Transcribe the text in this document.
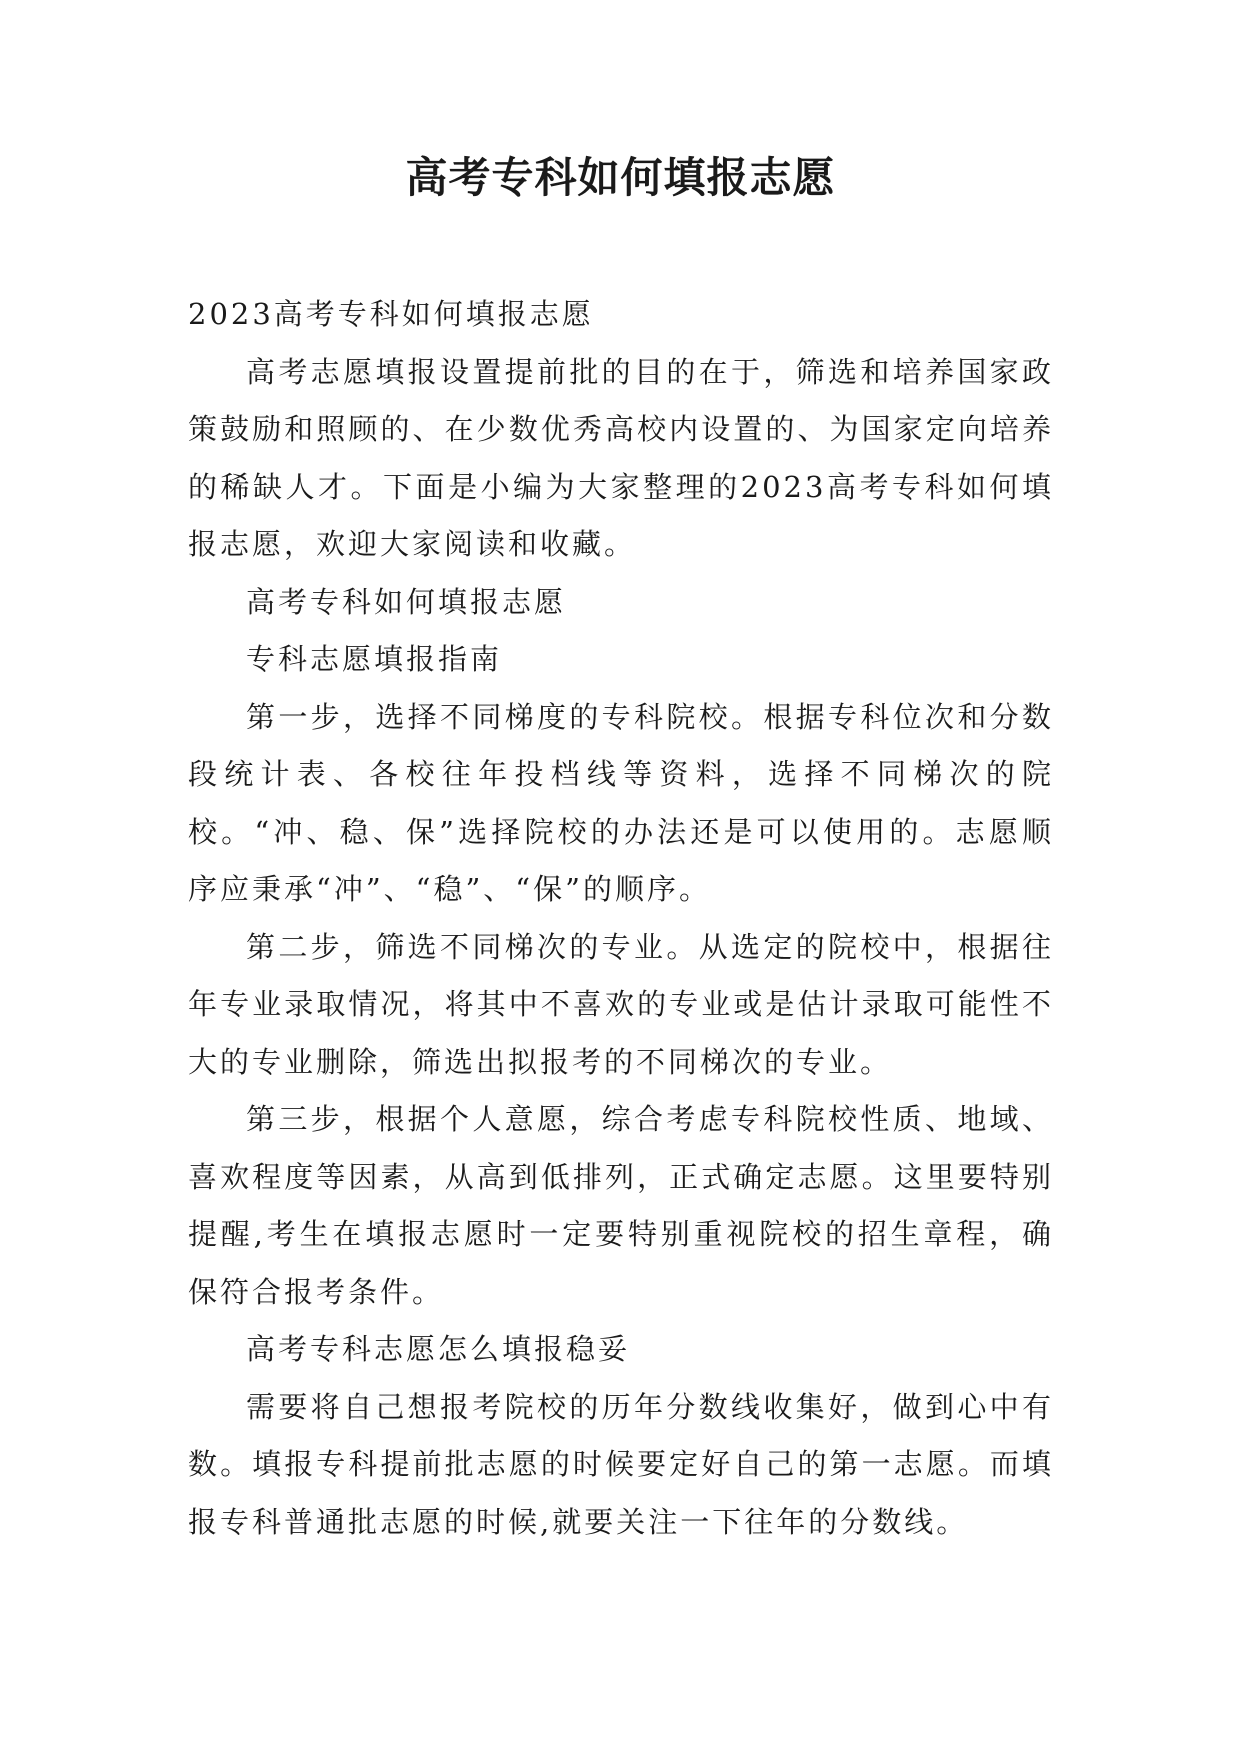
高考专科如何填报志愿

2023高考专科如何填报志愿

高考志愿填报设置提前批的目的在于，筛选和培养国家政策鼓励和照顾的、在少数优秀高校内设置的、为国家定向培养的稀缺人才。下面是小编为大家整理的2023高考专科如何填报志愿，欢迎大家阅读和收藏。

高考专科如何填报志愿

专科志愿填报指南

第一步，选择不同梯度的专科院校。根据专科位次和分数段统计表、各校往年投档线等资料，选择不同梯次的院校。“冲、稳、保”选择院校的办法还是可以使用的。志愿顺序应秉承“冲”、“稳”、“保”的顺序。

第二步，筛选不同梯次的专业。从选定的院校中，根据往年专业录取情况，将其中不喜欢的专业或是估计录取可能性不大的专业删除，筛选出拟报考的不同梯次的专业。

第三步，根据个人意愿，综合考虑专科院校性质、地域、喜欢程度等因素，从高到低排列，正式确定志愿。这里要特别提醒,考生在填报志愿时一定要特别重视院校的招生章程，确保符合报考条件。

高考专科志愿怎么填报稳妥

需要将自己想报考院校的历年分数线收集好，做到心中有数。填报专科提前批志愿的时候要定好自己的第一志愿。而填报专科普通批志愿的时候,就要关注一下往年的分数线。
